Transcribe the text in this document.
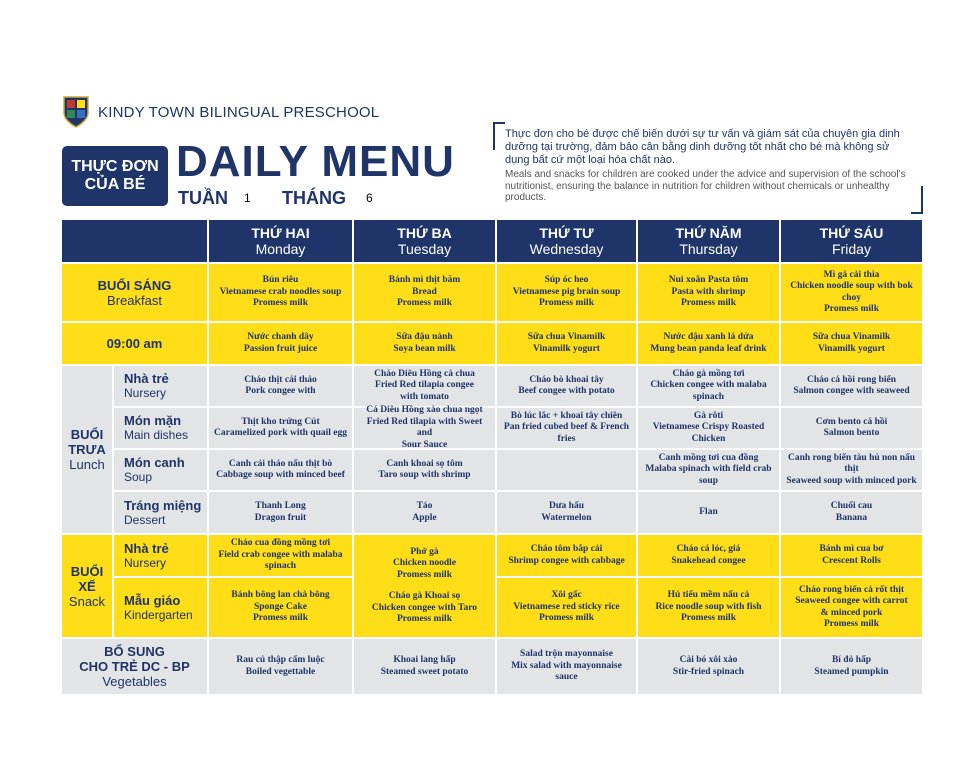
KINDY TOWN BILINGUAL PRESCHOOL
THỰC ĐƠN
CỦA BÉ DAILY MENU
TUẦN 1 THÁNG 6
Thực đơn cho bé được chế biến dưới sự tư vấn và giám sát của chuyên gia dinh dưỡng tại trường, đảm bảo cân bằng dinh dưỡng tốt nhất cho bé mà không sử dụng bất cứ một loại hóa chất nào.
Meals and snacks for children are cooked under the advice and supervision of the school's nutritionist, ensuring the balance in nutrition for children without chemicals or unhealthy products.
THỨ HAI
Monday
THỨ BA
Tuesday
THỨ TƯ
Wednesday
THỨ NĂM
Thursday
THỨ SÁU
Friday
BUỔI SÁNG
Breakfast
09:00 am
BUỔI
TRƯA
Lunch
Nhà trẻ
Nursery
Món mặn
Main dishes
Món canh
Soup
Tráng miệng
Dessert
BUỔI
XẾ
Snack
Nhà trẻ
Nursery
Mẫu giáo
Kindergarten
BỔ SUNG
CHO TRẺ DC - BP
Vegetables
Bún riêu
Vietnamese crab noodles soup
Promess milk
Bánh mì thịt băm
Bread
Promess milk
Súp óc heo
Vietnamese pig brain soup
Promess milk
Nui xoắn Pasta tôm
Pasta with shrimp
Promess milk
Mì gà cải thìa
Chicken noodle soup with bok choy
Promess milk
Nước chanh dây
Passion fruit juice
Sữa đậu nành
Soya bean milk
Sữa chua Vinamilk
Vinamilk yogurt
Nước đậu xanh lá dứa
Mung bean panda leaf drink
Sữa chua Vinamilk
Vinamilk yogurt
Cháo thịt cải thảo
Pork congee with
Cháo Diêu Hồng cà chua
Fried Red tilapia congee
with tomato
Cháo bò khoai tây
Beef congee with potato
Cháo gà mồng tơi
Chicken congee with malaba
spinach
Cháo cá hồi rong biển
Salmon congee with seaweed
Thịt kho trứng Cút
Caramelized pork with quail egg
Cá Diêu Hồng xào chua ngọt
Fried Red tilapia with Sweet and
Sour Sauce
Bò lúc lắc + khoai tây chiên
Pan fried cubed beef & French
fries
Gà rôti
Vietnamese Crispy Roasted
Chicken
Cơm bento cá hồi
Salmon bento
Canh cải thảo nấu thịt bò
Cabbage soup with minced beef
Canh khoai sọ tôm
Taro soup with shrimp
Canh mồng tơi cua đồng
Malaba spinach with field crab soup
Canh rong biển tàu hủ non nấu thịt
Seaweed soup with minced pork
Thanh Long
Dragon fruit
Táo
Apple
Dưa hấu
Watermelon
Flan
Chuối cau
Banana
Cháo cua đồng mồng tơi
Field crab congee with malaba
spinach
Cháo tôm bắp cải
Shrimp congee with cabbage
Cháo cá lóc, giá
Snakehead congee
Bánh mì cua bơ
Crescent Rolls
Bánh bông lan chà bông
Sponge Cake
Promess milk
Xôi gấc
Vietnamese red sticky rice
Promess milk
Hủ tiếu mềm nấu cá
Rice noodle soup with fish
Promess milk
Cháo rong biển cà rốt thịt
Seaweed congee with carrot
& minced pork
Promess milk
Rau củ thập cẩm luộc
Boiled vegettable
Khoai lang hấp
Steamed sweet potato
Salad trộn mayonnaise
Mix salad with mayonnaise
sauce
Cải bó xôi xào
Stir-fried spinach
Bí đỏ hấp
Steamed pumpkin
Phở gà
Chicken noodle
Promess milk
Cháo gà Khoai sọ
Chicken congee with Taro
Promess milk
